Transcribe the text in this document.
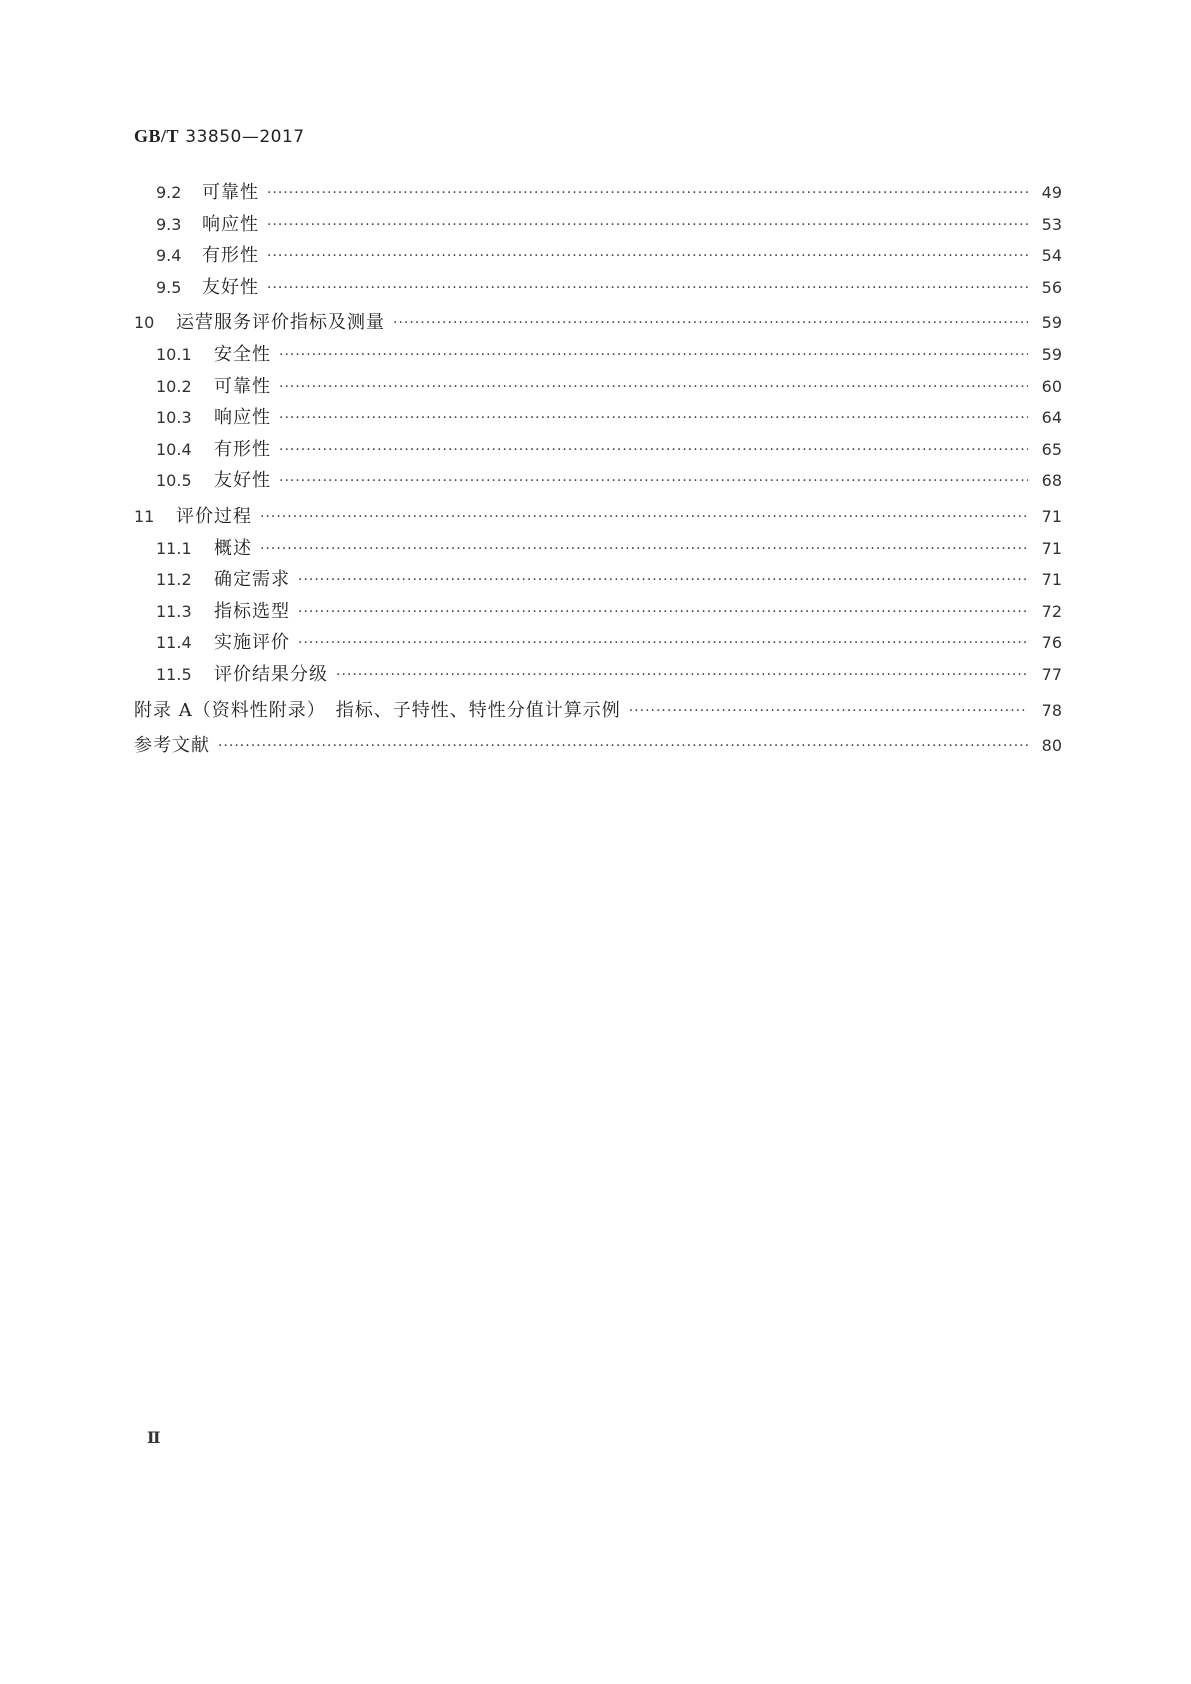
GB/T 33850—2017
9.2	可靠性 ·····	49
9.3	响应性 ·····	53
9.4	有形性 ·····	54
9.5	友好性 ·····	56
10	运营服务评价指标及测量 ·····	59
10.1	安全性 ·····	59
10.2	可靠性 ·····	60
10.3	响应性 ·····	64
10.4	有形性 ·····	65
10.5	友好性 ·····	68
11	评价过程 ·····	71
11.1	概述 ·····	71
11.2	确定需求 ·····	71
11.3	指标选型 ·····	72
11.4	实施评价 ·····	76
11.5	评价结果分级 ·····	77
附录 A（资料性附录）　指标、子特性、特性分值计算示例 ·····	78
参考文献 ·····	80
Ⅱ
